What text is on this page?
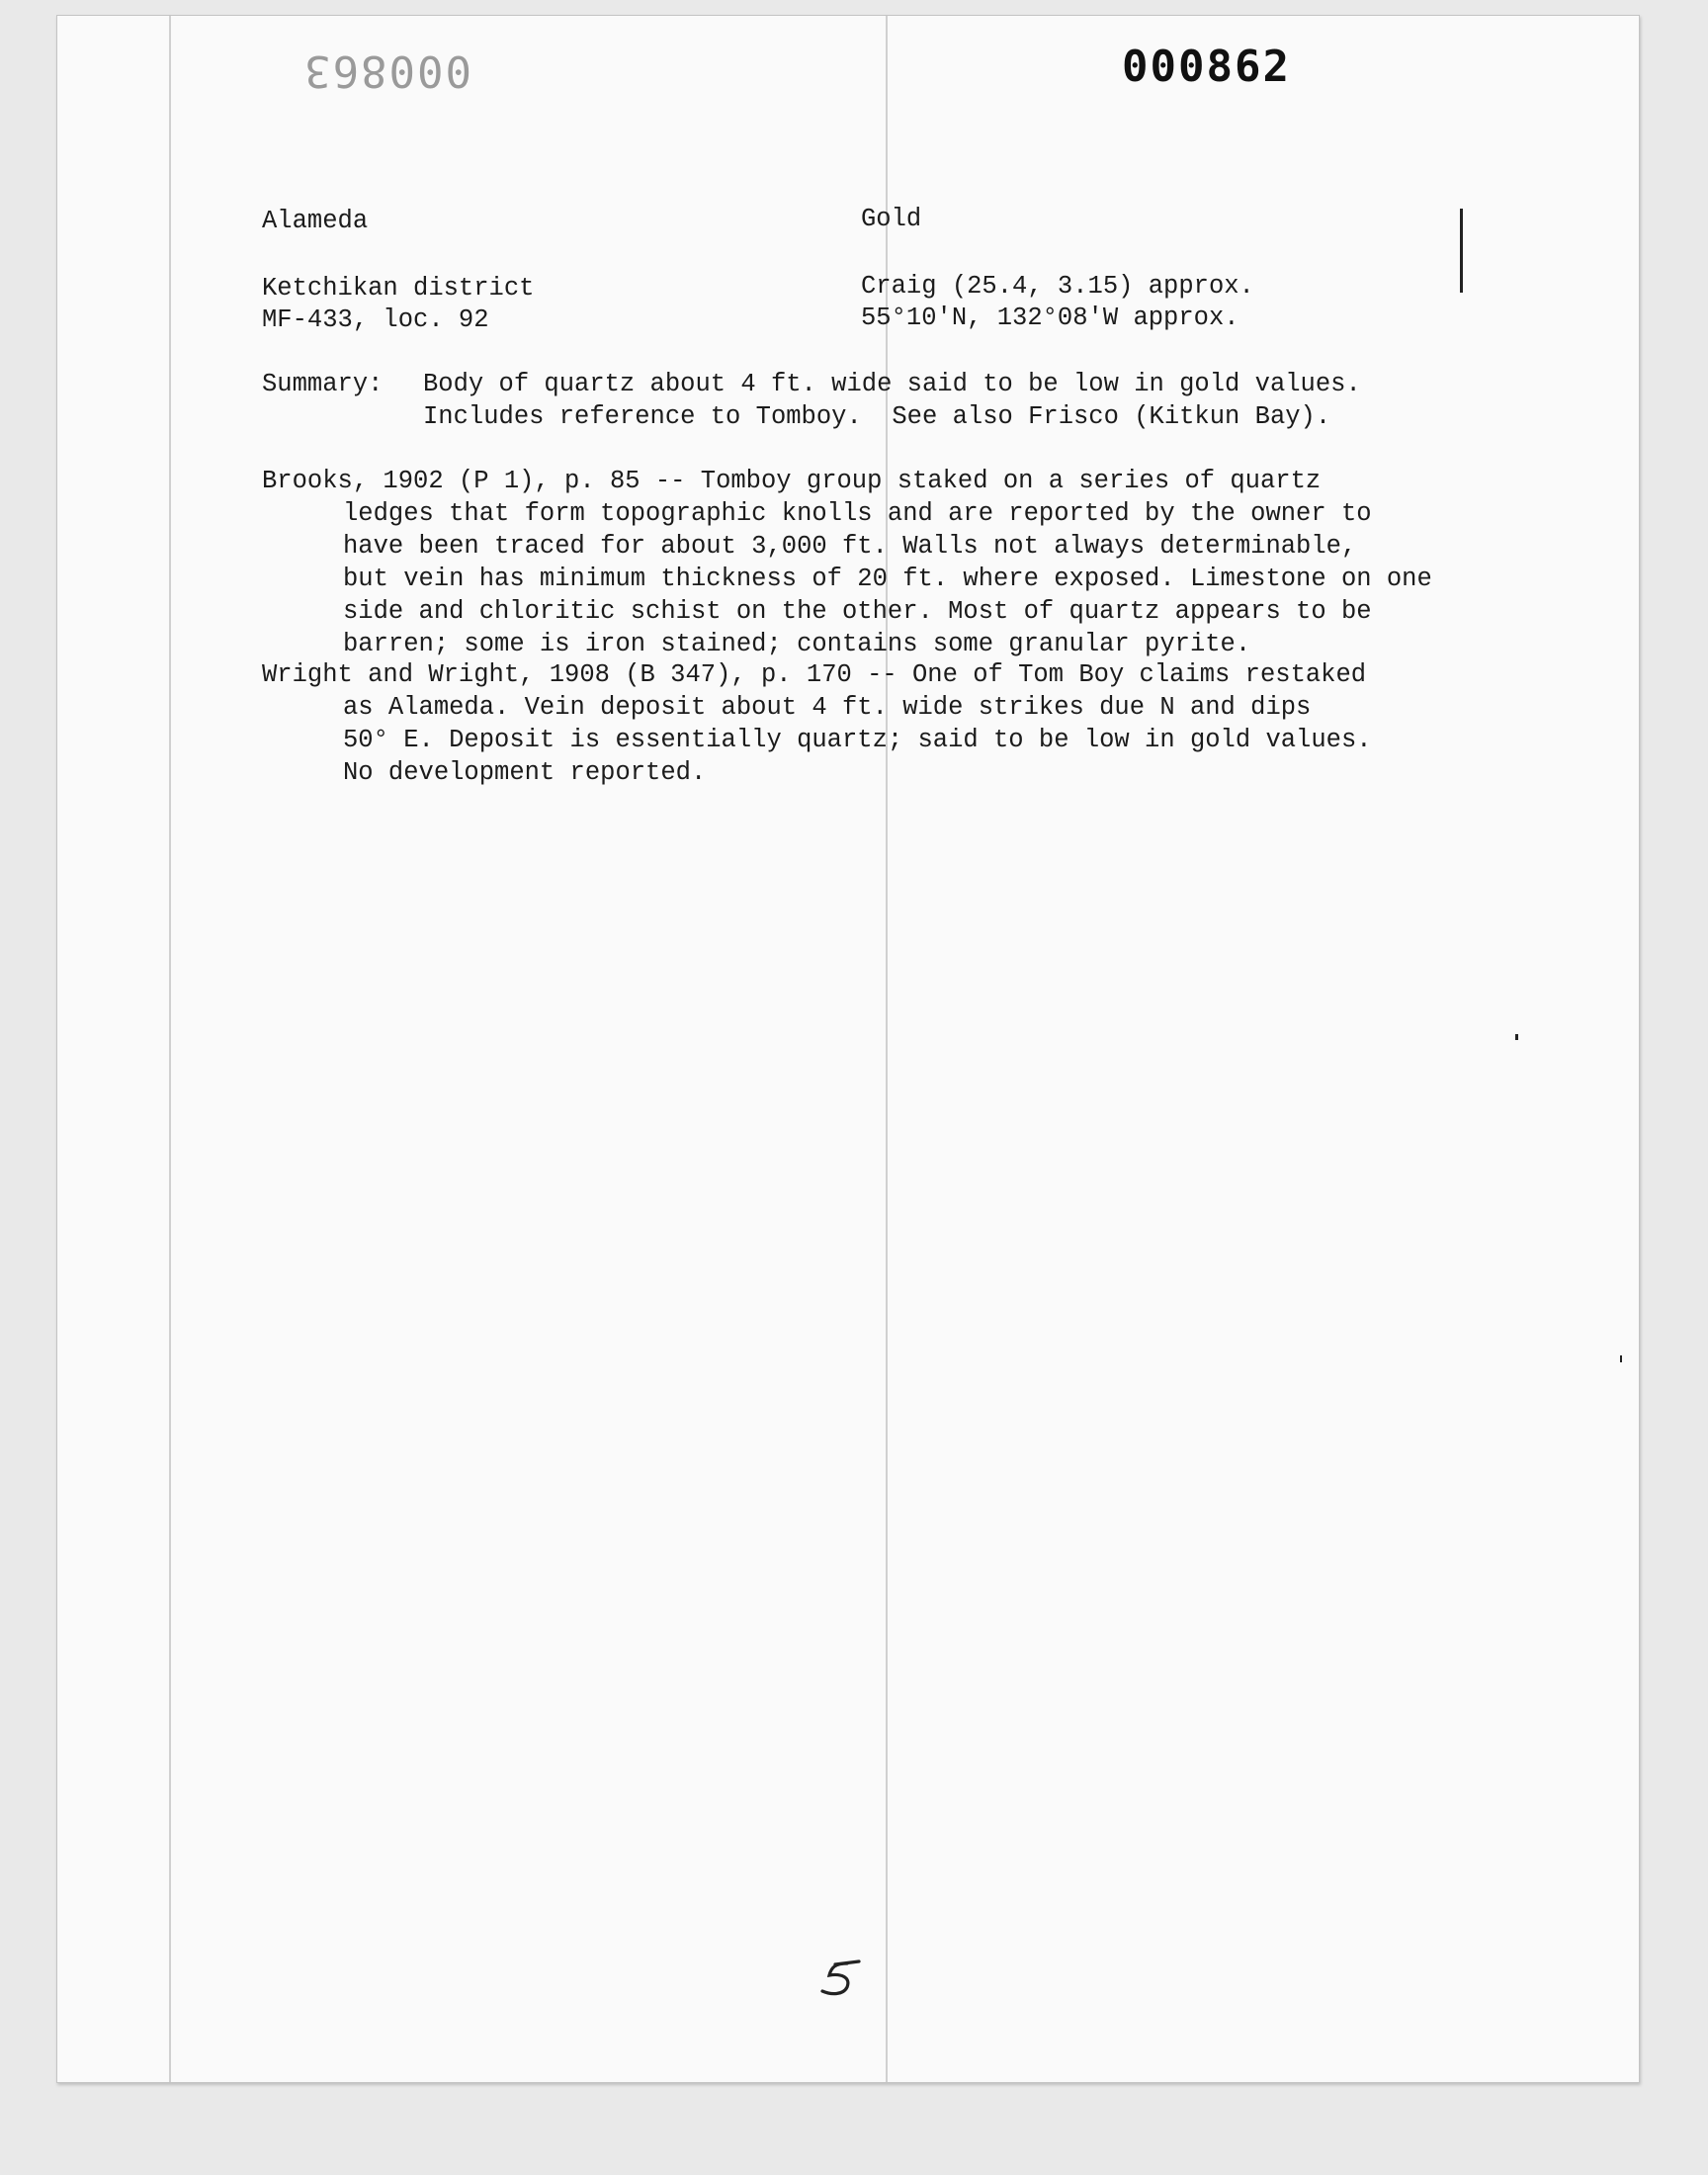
000863	000862
Alameda	Gold
Ketchikan district
MF-433, loc. 92
Craig (25.4, 3.15) approx.
55°10'N, 132°08'W approx.
Summary: Body of quartz about 4 ft. wide said to be low in gold values.
Includes reference to Tomboy.  See also Frisco (Kitkun Bay).

Brooks, 1902 (P 1), p. 85 -- Tomboy group staked on a series of quartz

ledges that form topographic knolls and are reported by the owner to

have been traced for about 3,000 ft. Walls not always determinable,

but vein has minimum thickness of 20 ft. where exposed. Limestone on one

side and chloritic schist on the other. Most of quartz appears to be

barren; some is iron stained; contains some granular pyrite.

Wright and Wright, 1908 (B 347), p. 170 -- One of Tom Boy claims restaked

as Alameda. Vein deposit about 4 ft. wide strikes due N and dips

50° E. Deposit is essentially quartz; said to be low in gold values.

No development reported.
